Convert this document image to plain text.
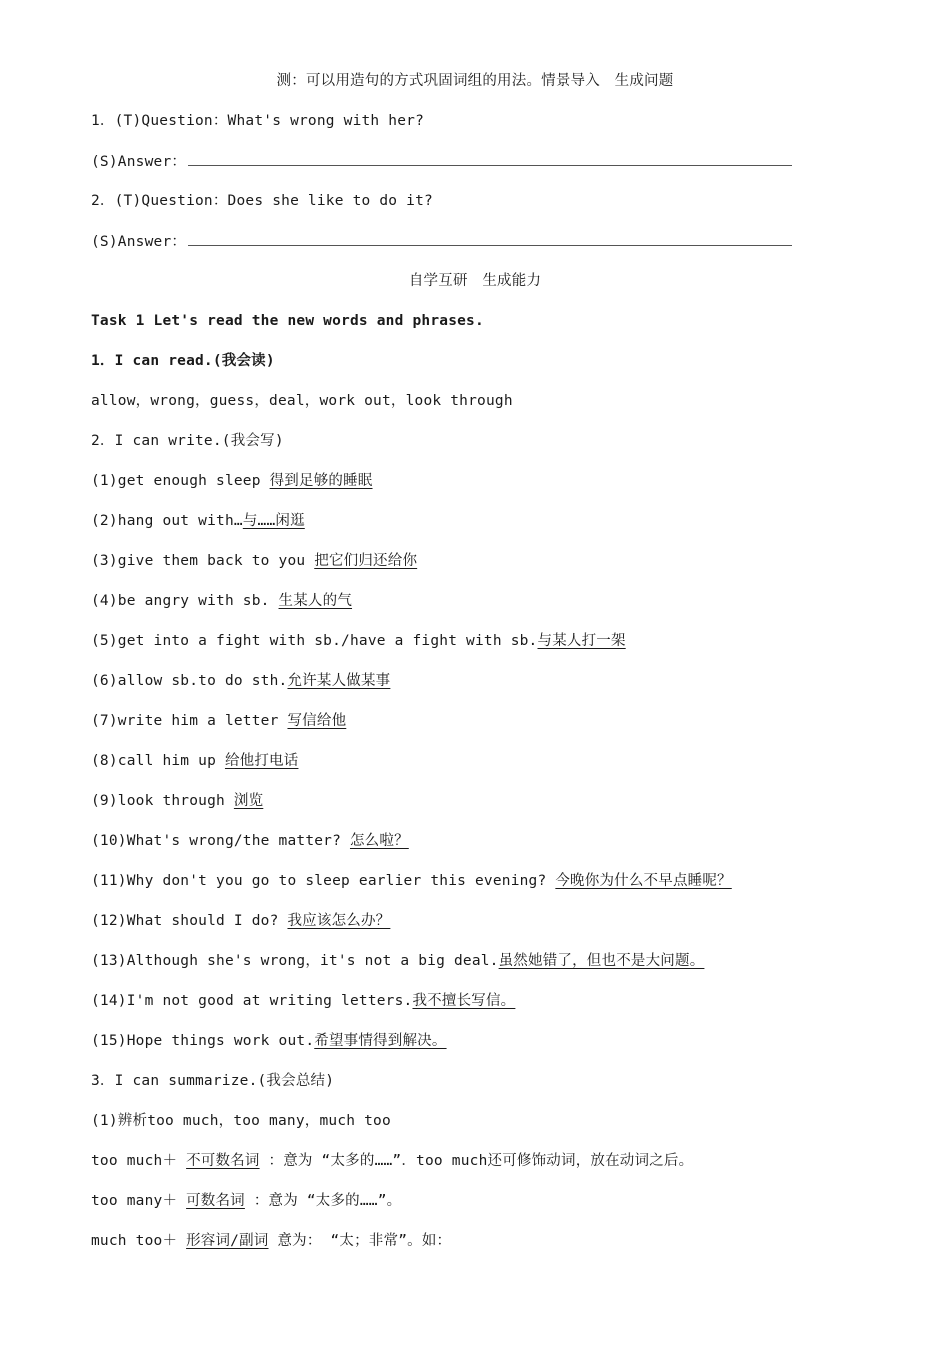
测：可以用造句的方式巩固词组的用法。情景导入　生成问题
1．(T)Question：What's wrong with her?
(S)Answer：
2．(T)Question：Does she like to do it?
(S)Answer：
自学互研　生成能力
Task 1 Let's read the new words and phrases.
1．I can read.(我会读)
allow，wrong，guess，deal，work out，look through
2．I can write.(我会写)
(1)get enough sleep 得到足够的睡眠
(2)hang out with…与……闲逛
(3)give them back to you 把它们归还给你
(4)be angry with sb. 生某人的气
(5)get into a fight with sb./have a fight with sb.与某人打一架
(6)allow sb.to do sth.允许某人做某事
(7)write him a letter 写信给他
(8)call him up 给他打电话
(9)look through 浏览
(10)What's wrong/the matter? 怎么啦？
(11)Why don't you go to sleep earlier this evening? 今晚你为什么不早点睡呢？
(12)What should I do? 我应该怎么办？
(13)Although she's wrong，it's not a big deal.虽然她错了，但也不是大问题。
(14)I'm not good at writing letters.我不擅长写信。
(15)Hope things work out.希望事情得到解决。
3．I can summarize.(我会总结)
(1)辨析too much，too many，much too
too much＋ 不可数名词 ：意为 “太多的……”．too much还可修饰动词，放在动词之后。
too many＋ 可数名词 ：意为 “太多的……”。
much too＋ 形容词/副词 意为： “太；非常”。如：
